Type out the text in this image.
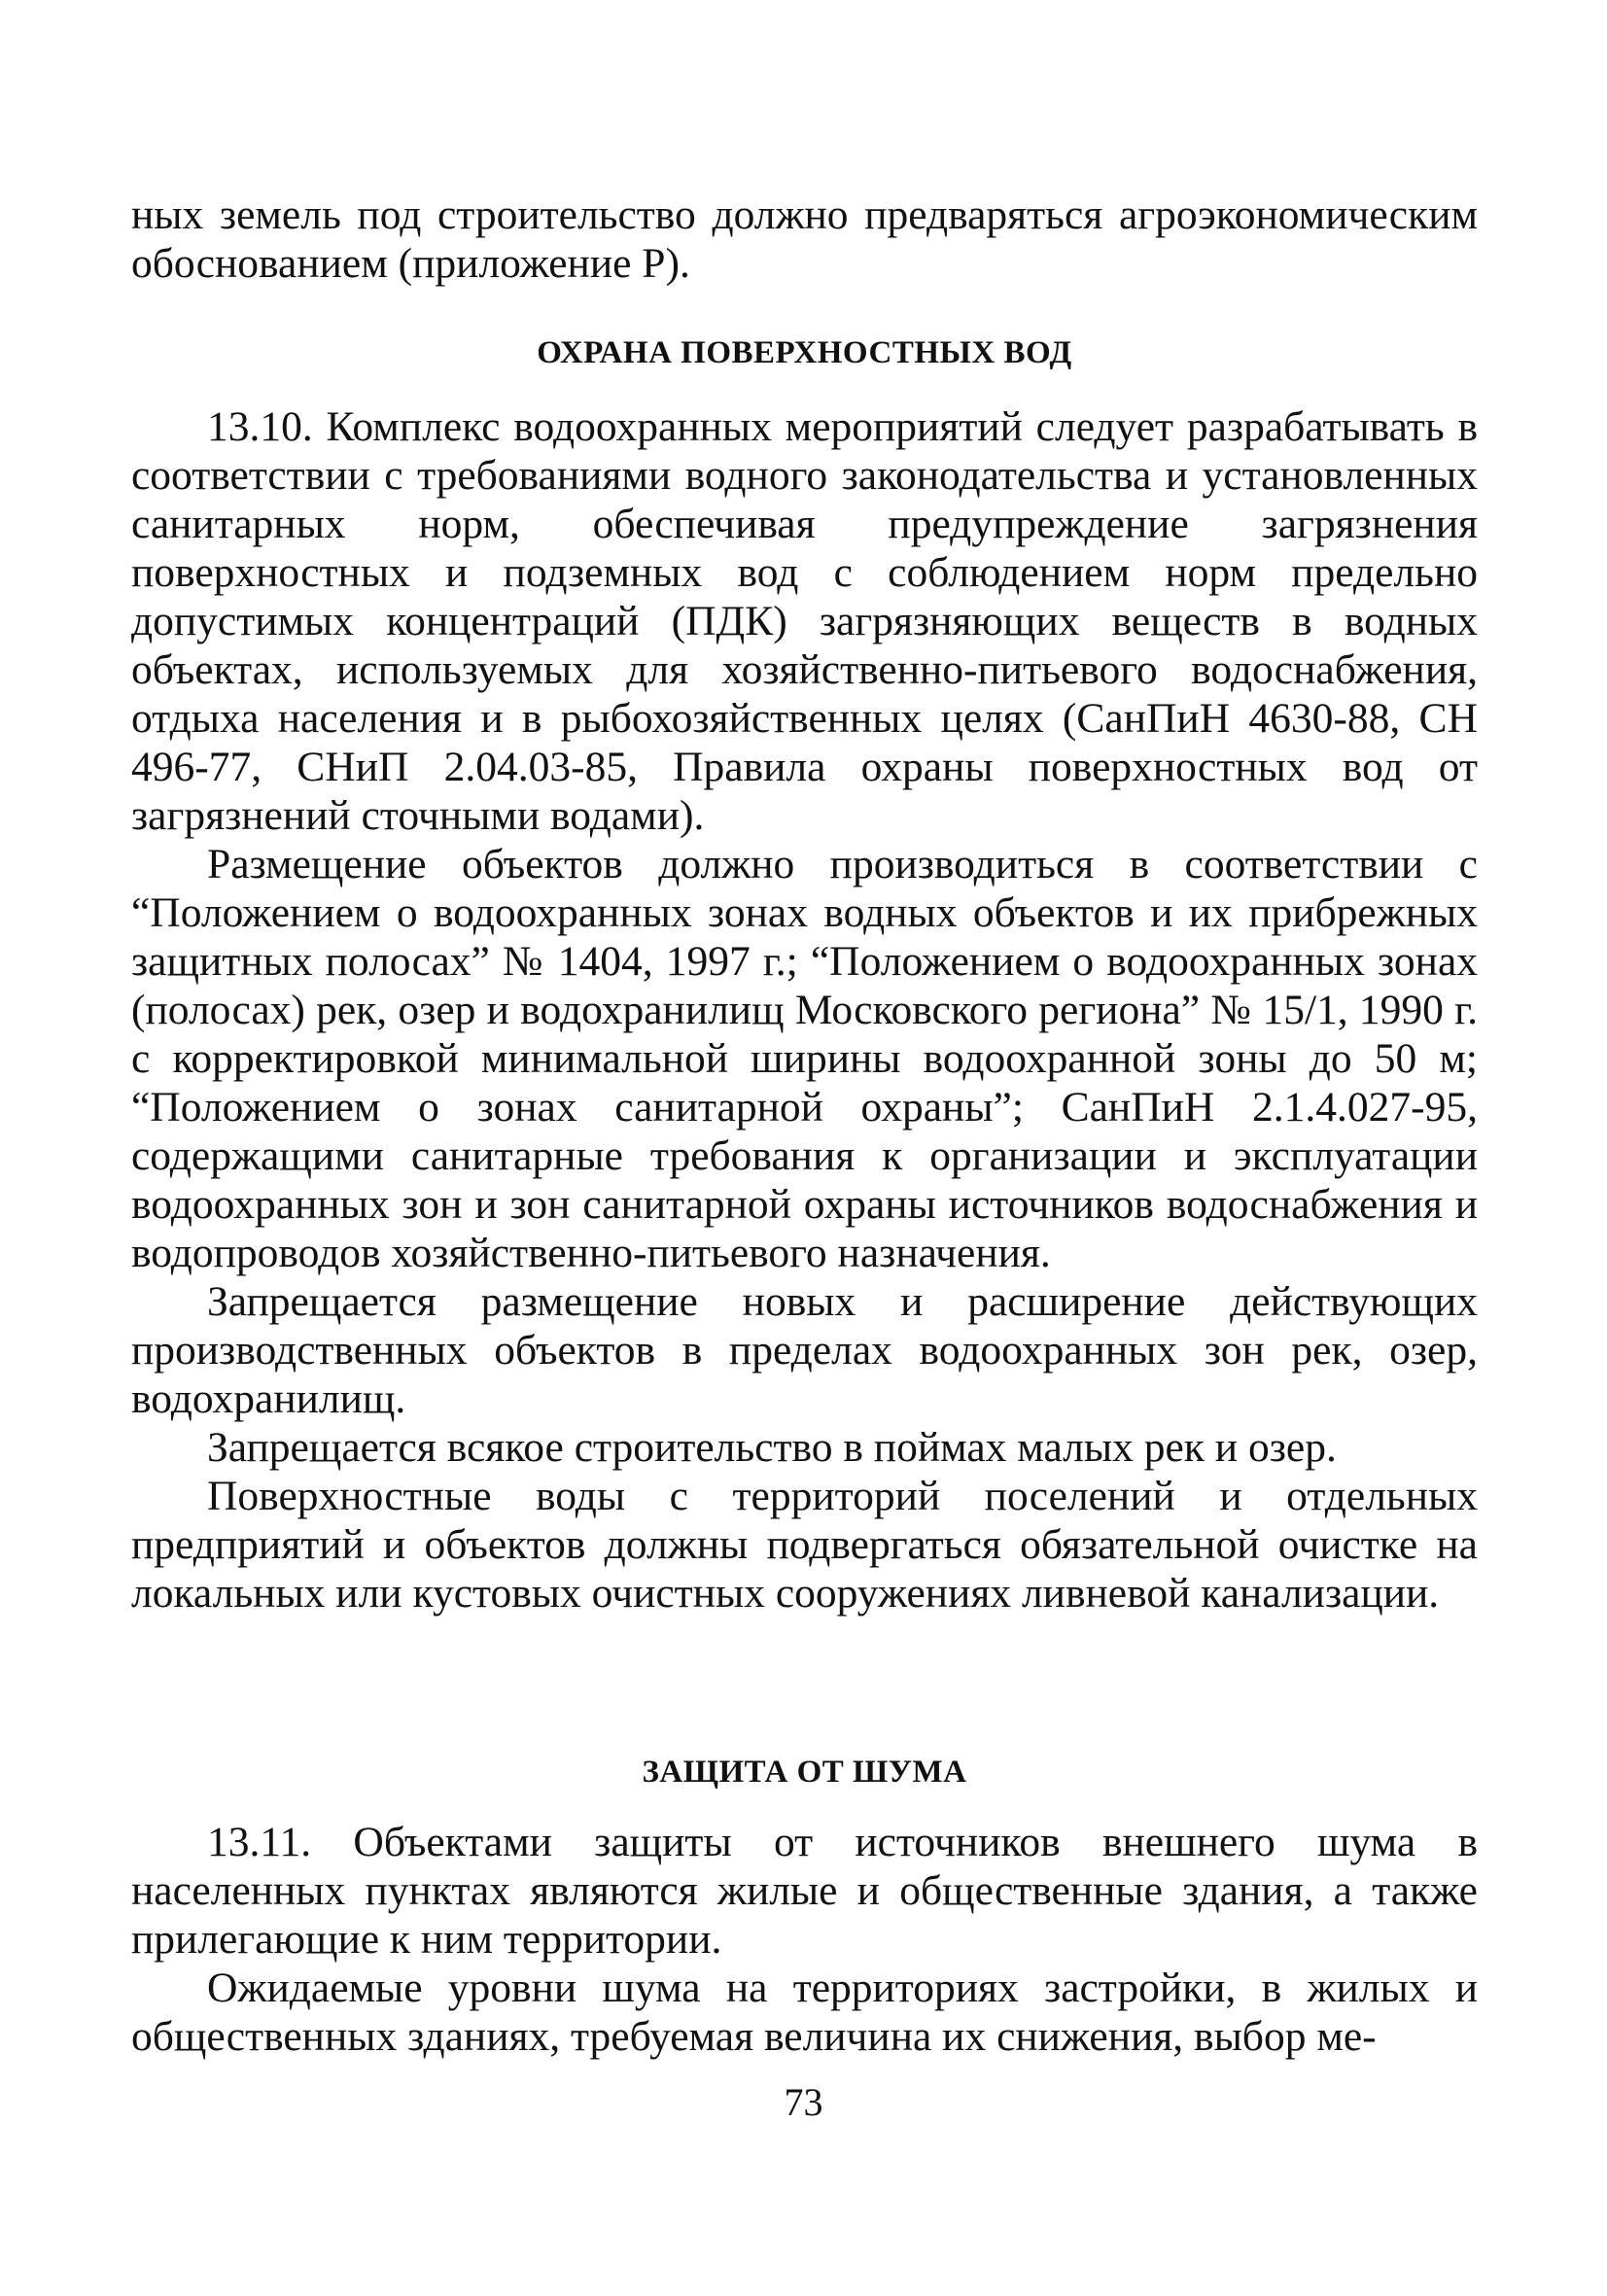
ных земель под строительство должно предваряться агроэкономическим обоснованием (приложение Р).

ОХРАНА ПОВЕРХНОСТНЫХ ВОД

13.10. Комплекс водоохранных мероприятий следует разрабатывать в соответствии с требованиями водного законодательства и установленных санитарных норм, обеспечивая предупреждение загрязнения поверхностных и подземных вод с соблюдением норм предельно допустимых концентраций (ПДК) загрязняющих веществ в водных объектах, используемых для хозяйственно-питьевого водоснабжения, отдыха населения и в рыбохозяйственных целях (СанПиН 4630-88, СН 496-77, СНиП 2.04.03-85, Правила охраны поверхностных вод от загрязнений сточными водами).

Размещение объектов должно производиться в соответствии с “Положением о водоохранных зонах водных объектов и их прибрежных защитных полосах” № 1404, 1997 г.; “Положением о водоохранных зонах (полосах) рек, озер и водохранилищ Московского региона” № 15/1, 1990 г. с корректировкой минимальной ширины водоохранной зоны до 50 м; “Положением о зонах санитарной охраны”; СанПиН 2.1.4.027-95, содержащими санитарные требования к организации и эксплуатации водоохранных зон и зон санитарной охраны источников водоснабжения и водопроводов хозяйственно-питьевого назначения.

Запрещается размещение новых и расширение действующих производственных объектов в пределах водоохранных зон рек, озер, водохранилищ.

Запрещается всякое строительство в поймах малых рек и озер.

Поверхностные воды с территорий поселений и отдельных предприятий и объектов должны подвергаться обязательной очистке на локальных или кустовых очистных сооружениях ливневой канализации.

ЗАЩИТА ОТ ШУМА

13.11. Объектами защиты от источников внешнего шума в населенных пунктах являются жилые и общественные здания, а также прилегающие к ним территории.

Ожидаемые уровни шума на территориях застройки, в жилых и общественных зданиях, требуемая величина их снижения, выбор ме-

73
